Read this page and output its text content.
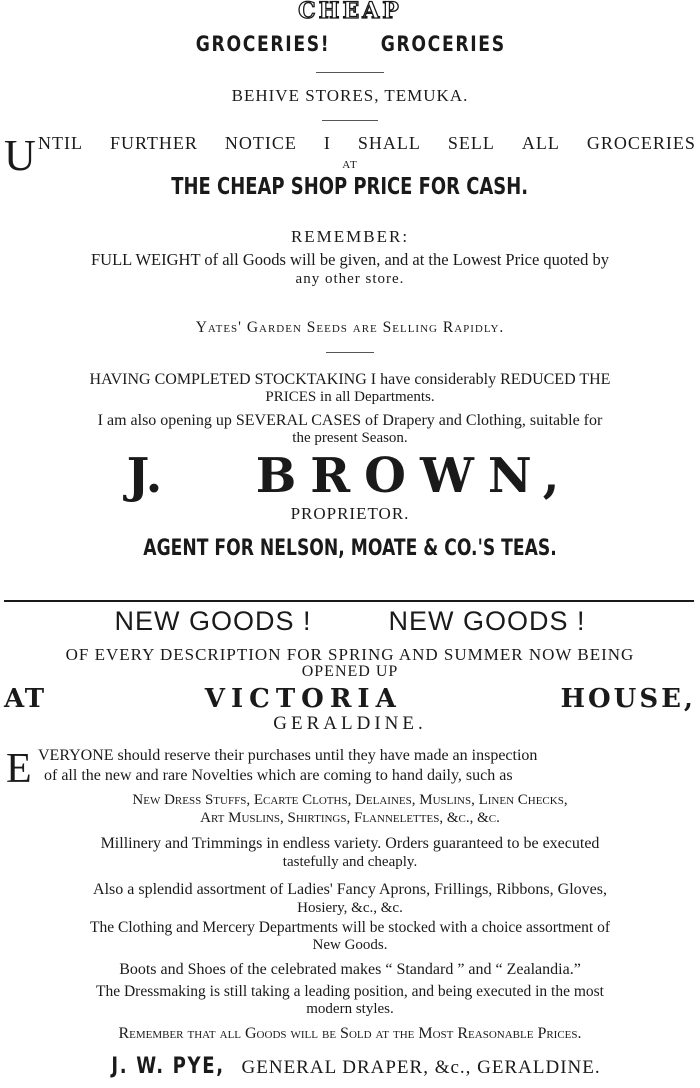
CHEAP
GROCERIES! GROCERIES
BEHIVE STORES, TEMUKA.
U NTIL FURTHER NOTICE I SHALL SELL ALL GROCERIES
AT
THE CHEAP SHOP PRICE FOR CASH.
REMEMBER:
FULL WEIGHT of all Goods will be given, and at the Lowest Price quoted by
any other store.
Yates' Garden Seeds are Selling Rapidly.
HAVING COMPLETED STOCKTAKING I have considerably REDUCED THE
PRICES in all Departments.
I am also opening up SEVERAL CASES of Drapery and Clothing, suitable for
the present Season.
J. BROWN,
PROPRIETOR.
AGENT FOR NELSON, MOATE & CO.'S TEAS.
NEW GOODS !	NEW GOODS !
OF EVERY DESCRIPTION FOR SPRING AND SUMMER NOW BEING
OPENED UP
AT	VICTORIA	HOUSE,
GERALDINE.
E VERYONE should reserve their purchases until they have made an inspection
of all the new and rare Novelties which are coming to hand daily, such as
New Dress Stuffs, Ecarte Cloths, Delaines, Muslins, Linen Checks,
Art Muslins, Shirtings, Flannelettes, &c., &c.
Millinery and Trimmings in endless variety. Orders guaranteed to be executed
tastefully and cheaply.
Also a splendid assortment of Ladies' Fancy Aprons, Frillings, Ribbons, Gloves,
Hosiery, &c., &c.
The Clothing and Mercery Departments will be stocked with a choice assortment of
New Goods.
Boots and Shoes of the celebrated makes “ Standard ” and “ Zealandia.”
The Dressmaking is still taking a leading position, and being executed in the most
modern styles.
Remember that all Goods will be Sold at the Most Reasonable Prices.
J. W. PYE, GENERAL DRAPER, &c., GERALDINE.
